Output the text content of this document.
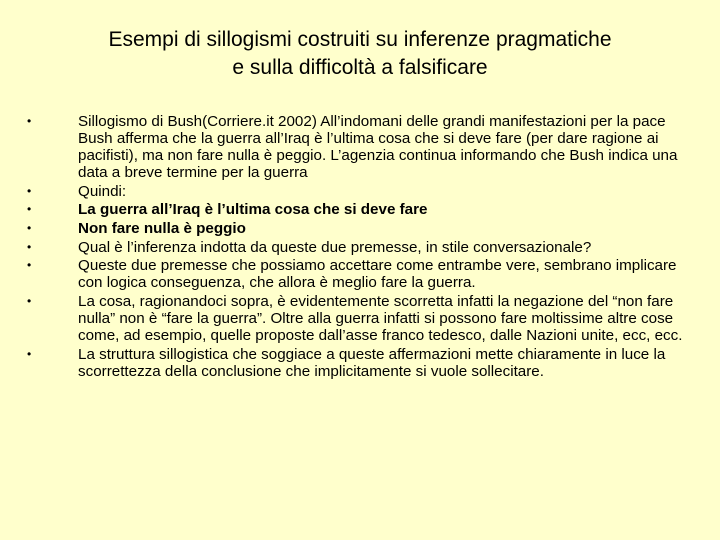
Esempi di sillogismi costruiti su inferenze pragmatiche
e sulla difficoltà a falsificare
•	Sillogismo di Bush(Corriere.it 2002) All’indomani delle grandi manifestazioni per la pace Bush afferma che la guerra all’Iraq è l’ultima cosa che si deve fare (per dare ragione ai pacifisti), ma non fare nulla è peggio. L’agenzia continua informando che Bush indica una data a breve termine per la guerra
•	Quindi:
•	La guerra all’Iraq è l’ultima cosa che si deve fare
•	Non fare nulla è peggio
•	Qual è l’inferenza indotta da queste due premesse, in stile conversazionale?
•	Queste due premesse che possiamo accettare come entrambe vere, sembrano implicare con logica conseguenza, che allora è meglio fare la guerra.
•	La cosa, ragionandoci sopra, è evidentemente scorretta infatti la negazione del “non fare nulla” non è “fare la guerra”. Oltre alla guerra infatti si possono fare moltissime altre cose come, ad esempio, quelle proposte dall’asse franco tedesco, dalle Nazioni unite, ecc, ecc.
•	La struttura sillogistica che soggiace a queste affermazioni mette chiaramente in luce la scorrettezza della conclusione che implicitamente si vuole sollecitare.
